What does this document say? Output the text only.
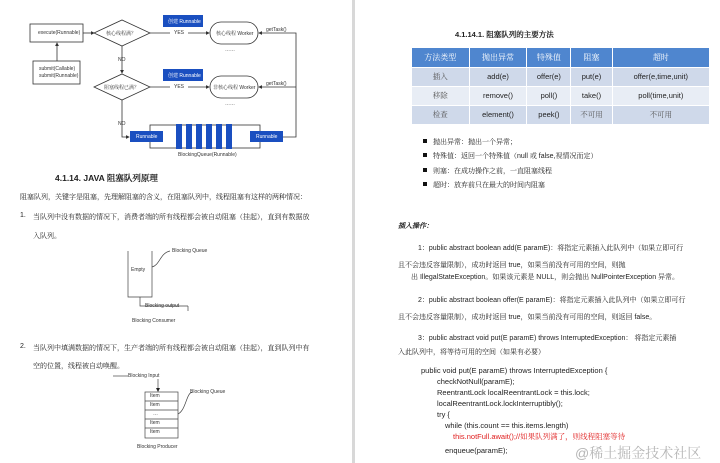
execute(Runnable)
submit(Callable)
submit(Runnable)
核心线程满？
阻塞线程已满？
YES
YES
NO
NO
创建 Runnable
创建 Runnable
核心线程 Worker
非核心线程 Worker
……
……
getTask()
getTask()
Runnable	Runnable
BlockingQueue(Runnable)
4.1.14. JAVA 阻塞队列原理
阻塞队列，关键字是阻塞，先理解阻塞的含义，在阻塞队列中，线程阻塞有这样的两种情况：
1. 当队列中没有数据的情况下，消费者端的所有线程都会被自动阻塞（挂起），直到有数据放
入队列。
Empty
Blocking Queue
Blocking output
Blocking Consumer
2. 当队列中填满数据的情况下，生产者端的所有线程都会被自动阻塞（挂起），直到队列中有
空的位置，线程被自动唤醒。
Blocking Input
Blocking Queue
Item
Item
…
Item
Item
Blocking Producer
4.1.14.1. 阻塞队列的主要方法
方法类型	抛出异常	特殊值	阻塞	超时
插入	add(e)	offer(e)	put(e)	offer(e,time,unit)
移除	remove()	poll()	take()	poll(time,unit)
检查	element()	peek()	不可用	不可用
抛出异常：抛出一个异常；
特殊值：返回一个特殊值（null 或 false,视情况而定）
则塞：在成功操作之前，一直阻塞线程
超时：放弃前只在最大的时间内阻塞
插入操作：
1：public abstract boolean add(E paramE)：将指定元素插入此队列中（如果立即可行
且不会违反容量限制），成功时返回 true，如果当前没有可用的空间，则抛
出 IllegalStateException。如果该元素是 NULL，则会抛出 NullPointerException 异常。
2：public abstract boolean offer(E paramE)：将指定元素插入此队列中（如果立即可行
且不会违反容量限制），成功时返回 true，如果当前没有可用的空间，则返回 false。
3：public abstract void put(E paramE) throws InterruptedException： 将指定元素插
入此队列中，将等待可用的空间（如果有必要）
public void put(E paramE) throws InterruptedException {
checkNotNull(paramE);
ReentrantLock localReentrantLock = this.lock;
localReentrantLock.lockInterruptibly();
try {
while (this.count == this.items.length)
this.notFull.await();//如果队列满了，则线程阻塞等待
enqueue(paramE);	@稀土掘金技术社区
